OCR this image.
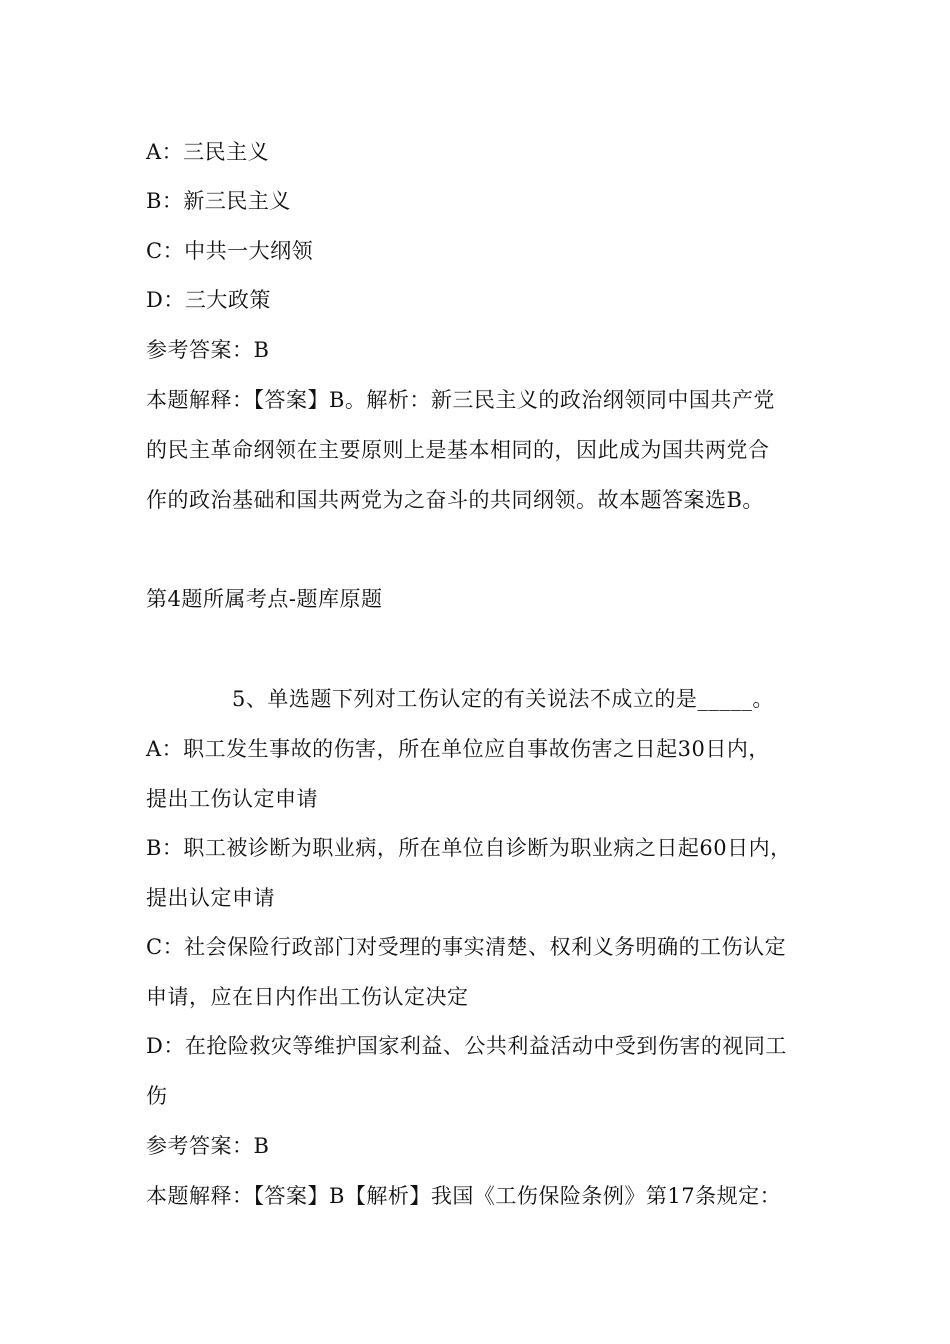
A：三民主义
B：新三民主义
C：中共一大纲领
D：三大政策
参考答案：B
本题解释：【答案】B。解析：新三民主义的政治纲领同中国共产党
的民主革命纲领在主要原则上是基本相同的，因此成为国共两党合
作的政治基础和国共两党为之奋斗的共同纲领。故本题答案选B。
第4题所属考点-题库原题
5、单选题下列对工伤认定的有关说法不成立的是_____。
A：职工发生事故的伤害，所在单位应自事故伤害之日起30日内，
提出工伤认定申请
B：职工被诊断为职业病，所在单位自诊断为职业病之日起60日内，
提出认定申请
C：社会保险行政部门对受理的事实清楚、权利义务明确的工伤认定
申请，应在日内作出工伤认定决定
D：在抢险救灾等维护国家利益、公共利益活动中受到伤害的视同工
伤
参考答案：B
本题解释：【答案】B【解析】我国《工伤保险条例》第17条规定：
